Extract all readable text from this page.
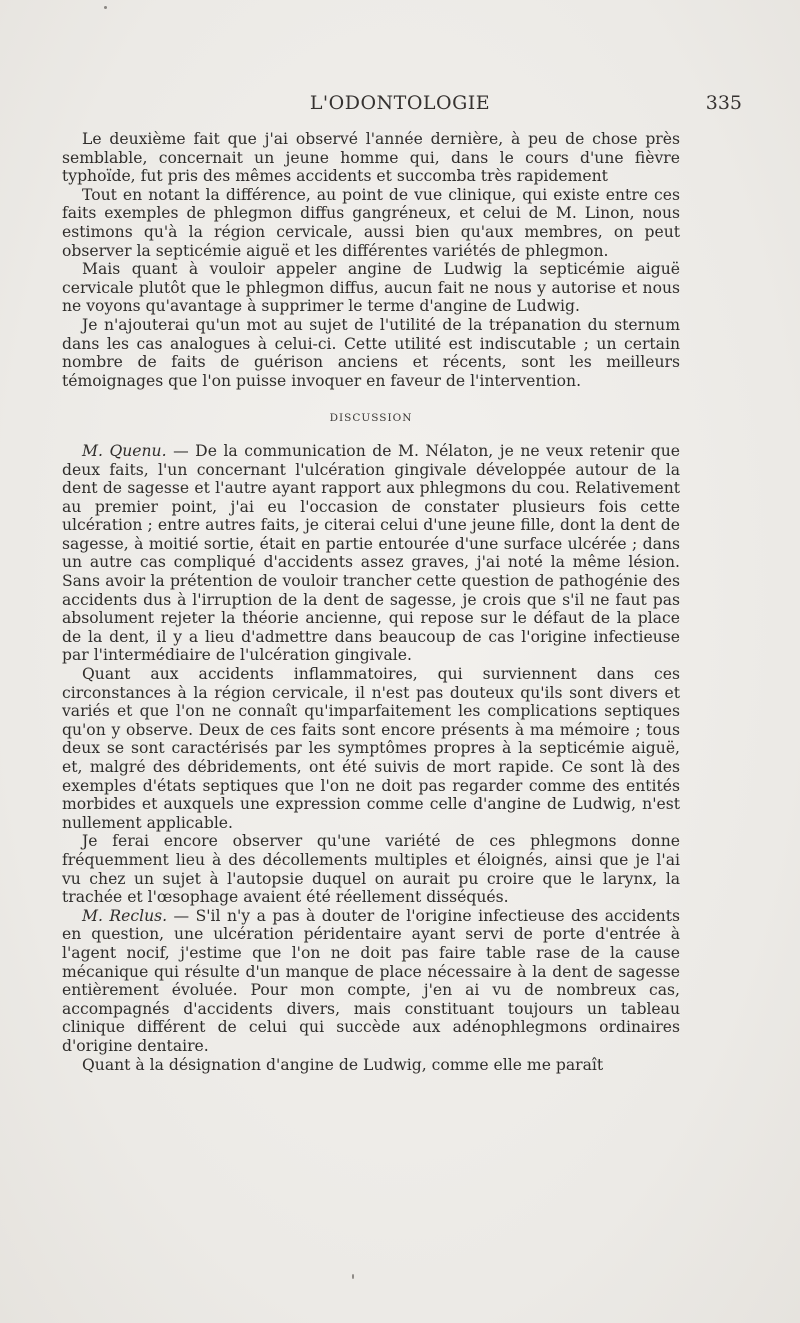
L'ODONTOLOGIE	335

Le deuxième fait que j'ai observé l'année dernière, à peu de chose près semblable, concernait un jeune homme qui, dans le cours d'une fièvre typhoïde, fut pris des mêmes accidents et succomba très rapidement

Tout en notant la différence, au point de vue clinique, qui existe entre ces faits exemples de phlegmon diffus gangréneux, et celui de M. Linon, nous estimons qu'à la région cervicale, aussi bien qu'aux membres, on peut observer la septicémie aiguë et les différentes variétés de phlegmon.

Mais quant à vouloir appeler angine de Ludwig la septicémie aiguë cervicale plutôt que le phlegmon diffus, aucun fait ne nous y autorise et nous ne voyons qu'avantage à supprimer le terme d'angine de Ludwig.

Je n'ajouterai qu'un mot au sujet de l'utilité de la trépanation du sternum dans les cas analogues à celui-ci. Cette utilité est indiscutable ; un certain nombre de faits de guérison anciens et récents, sont les meilleurs témoignages que l'on puisse invoquer en faveur de l'intervention.

DISCUSSION

M. Quenu. — De la communication de M. Nélaton, je ne veux retenir que deux faits, l'un concernant l'ulcération gingivale développée autour de la dent de sagesse et l'autre ayant rapport aux phlegmons du cou. Relativement au premier point, j'ai eu l'occasion de constater plusieurs fois cette ulcération ; entre autres faits, je citerai celui d'une jeune fille, dont la dent de sagesse, à moitié sortie, était en partie entourée d'une surface ulcérée ; dans un autre cas compliqué d'accidents assez graves, j'ai noté la même lésion. Sans avoir la prétention de vouloir trancher cette question de pathogénie des accidents dus à l'irruption de la dent de sagesse, je crois que s'il ne faut pas absolument rejeter la théorie ancienne, qui repose sur le défaut de la place de la dent, il y a lieu d'admettre dans beaucoup de cas l'origine infectieuse par l'intermédiaire de l'ulcération gingivale.

Quant aux accidents inflammatoires, qui surviennent dans ces circonstances à la région cervicale, il n'est pas douteux qu'ils sont divers et variés et que l'on ne connaît qu'imparfaitement les complications septiques qu'on y observe. Deux de ces faits sont encore présents à ma mémoire ; tous deux se sont caractérisés par les symptômes propres à la septicémie aiguë, et, malgré des débridements, ont été suivis de mort rapide. Ce sont là des exemples d'états septiques que l'on ne doit pas regarder comme des entités morbides et auxquels une expression comme celle d'angine de Ludwig, n'est nullement applicable.

Je ferai encore observer qu'une variété de ces phlegmons donne fréquemment lieu à des décollements multiples et éloignés, ainsi que je l'ai vu chez un sujet à l'autopsie duquel on aurait pu croire que le larynx, la trachée et l'œsophage avaient été réellement disséqués.

M. Reclus. — S'il n'y a pas à douter de l'origine infectieuse des accidents en question, une ulcération péridentaire ayant servi de porte d'entrée à l'agent nocif, j'estime que l'on ne doit pas faire table rase de la cause mécanique qui résulte d'un manque de place nécessaire à la dent de sagesse entièrement évoluée. Pour mon compte, j'en ai vu de nombreux cas, accompagnés d'accidents divers, mais constituant toujours un tableau clinique différent de celui qui succède aux adénophlegmons ordinaires d'origine dentaire.

Quant à la désignation d'angine de Ludwig, comme elle me paraît
